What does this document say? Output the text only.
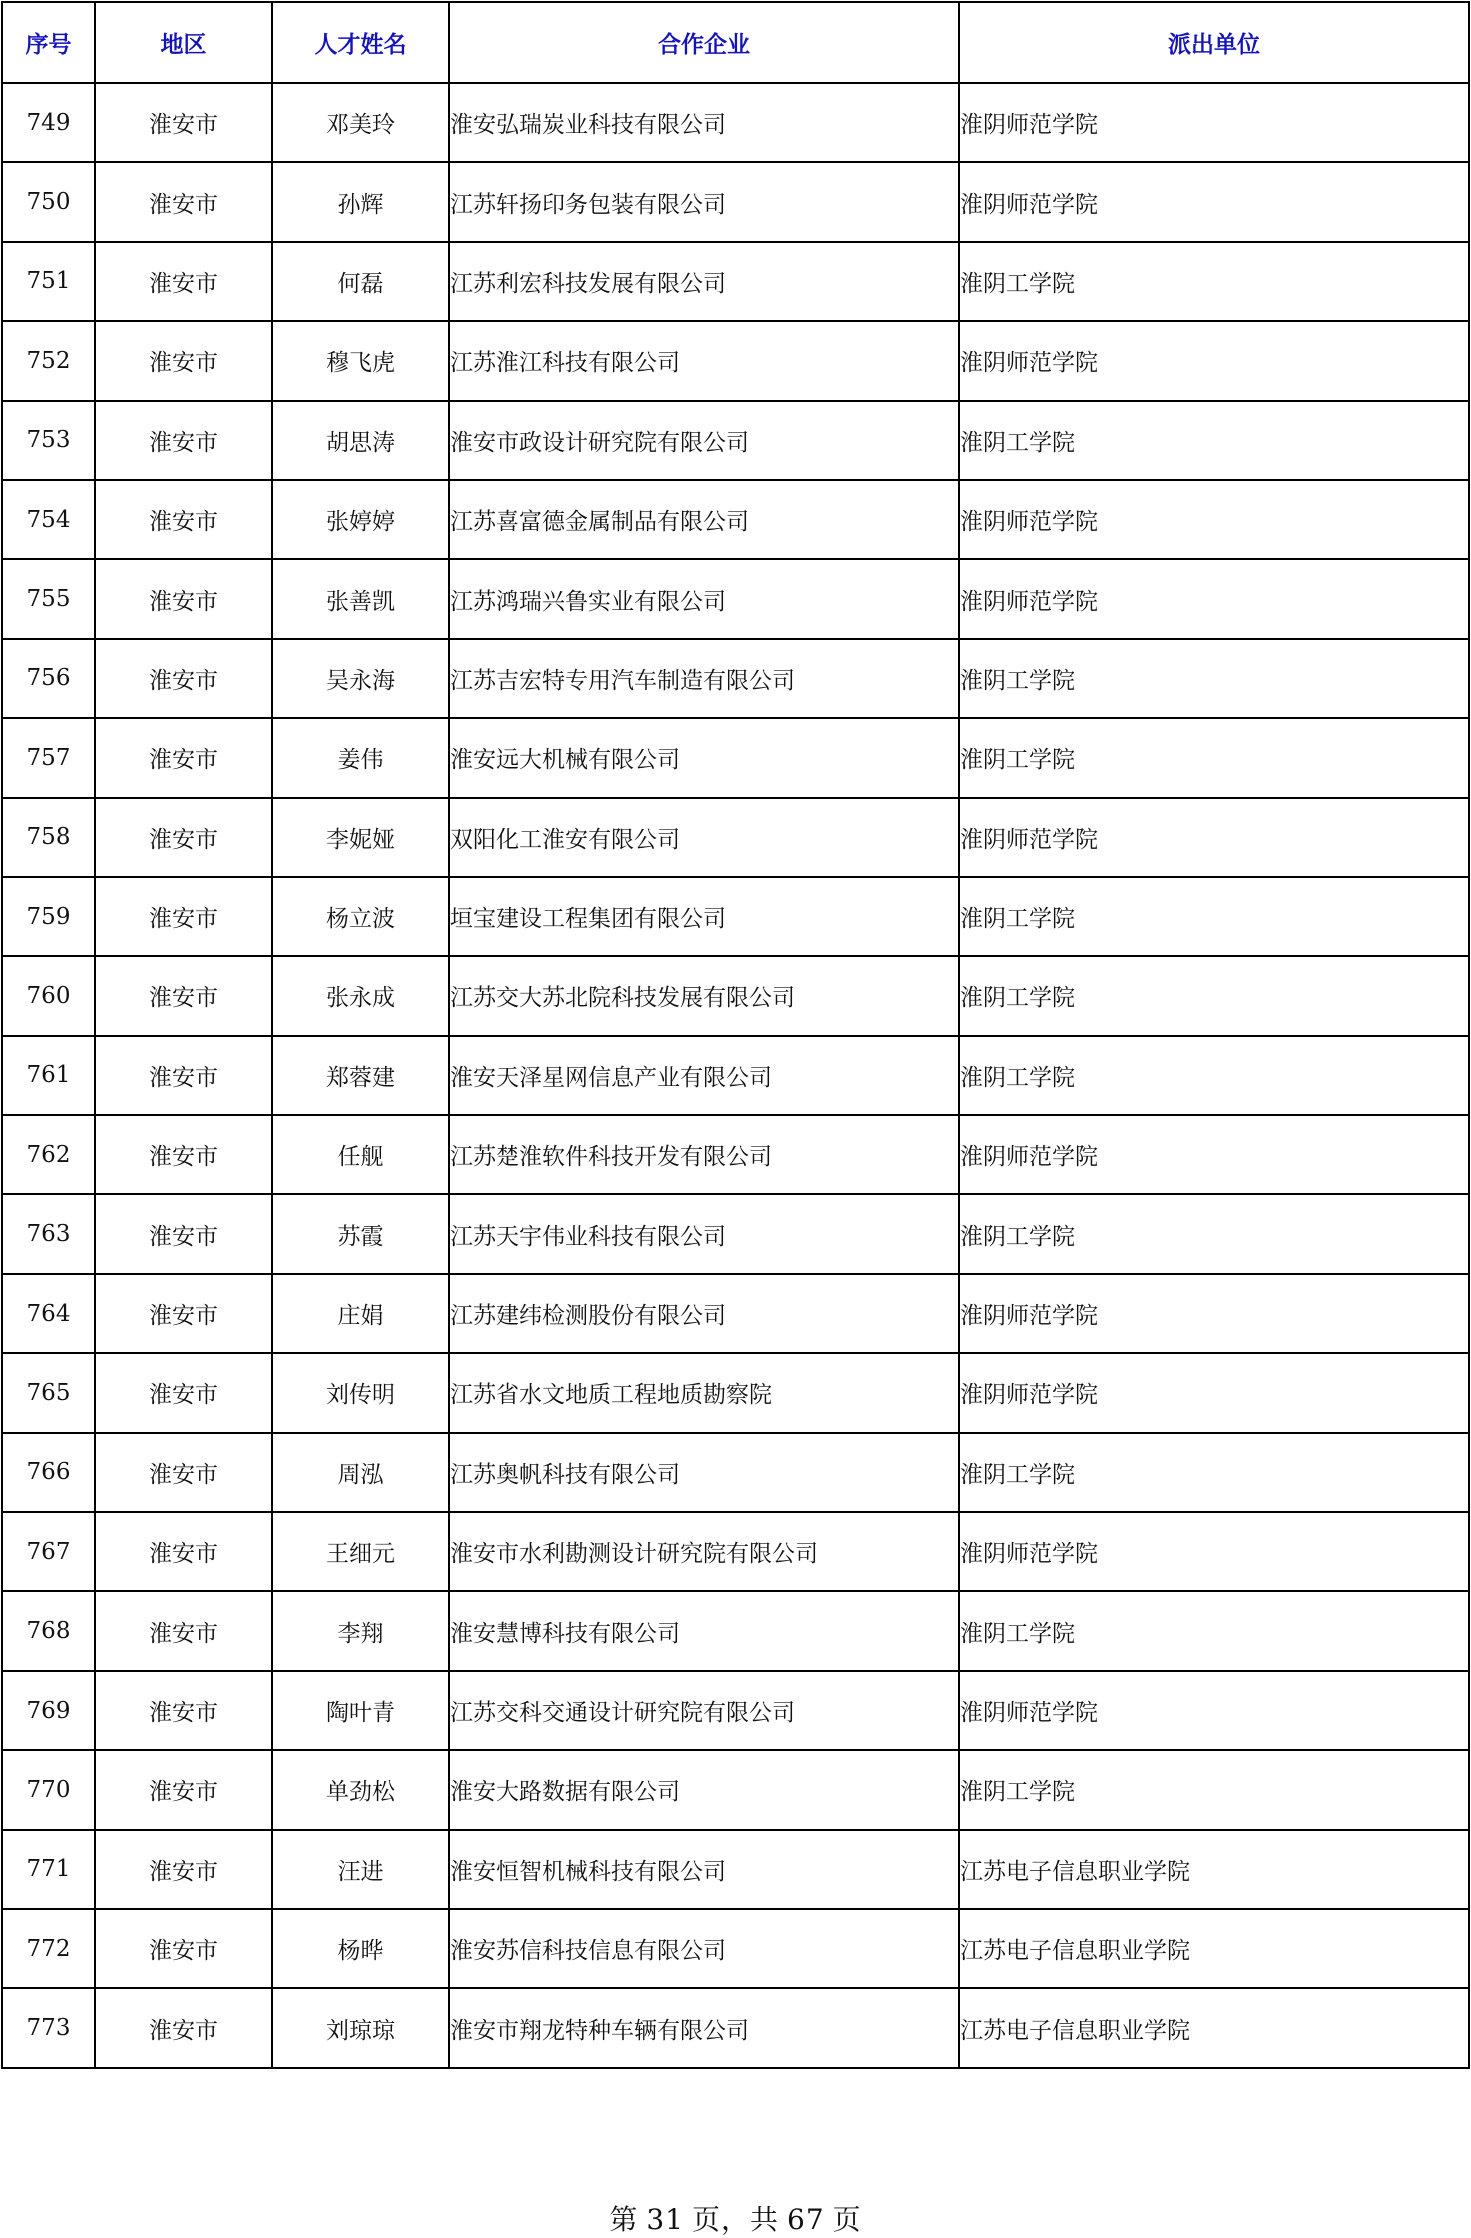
序号	地区	人才姓名	合作企业	派出单位
749	淮安市	邓美玲	淮安弘瑞炭业科技有限公司	淮阴师范学院
750	淮安市	孙辉	江苏轩扬印务包装有限公司	淮阴师范学院
751	淮安市	何磊	江苏利宏科技发展有限公司	淮阴工学院
752	淮安市	穆飞虎	江苏淮江科技有限公司	淮阴师范学院
753	淮安市	胡思涛	淮安市政设计研究院有限公司	淮阴工学院
754	淮安市	张婷婷	江苏喜富德金属制品有限公司	淮阴师范学院
755	淮安市	张善凯	江苏鸿瑞兴鲁实业有限公司	淮阴师范学院
756	淮安市	吴永海	江苏吉宏特专用汽车制造有限公司	淮阴工学院
757	淮安市	姜伟	淮安远大机械有限公司	淮阴工学院
758	淮安市	李妮娅	双阳化工淮安有限公司	淮阴师范学院
759	淮安市	杨立波	垣宝建设工程集团有限公司	淮阴工学院
760	淮安市	张永成	江苏交大苏北院科技发展有限公司	淮阴工学院
761	淮安市	郑蓉建	淮安天泽星网信息产业有限公司	淮阴工学院
762	淮安市	任舰	江苏楚淮软件科技开发有限公司	淮阴师范学院
763	淮安市	苏霞	江苏天宇伟业科技有限公司	淮阴工学院
764	淮安市	庄娟	江苏建纬检测股份有限公司	淮阴师范学院
765	淮安市	刘传明	江苏省水文地质工程地质勘察院	淮阴师范学院
766	淮安市	周泓	江苏奥帆科技有限公司	淮阴工学院
767	淮安市	王细元	淮安市水利勘测设计研究院有限公司	淮阴师范学院
768	淮安市	李翔	淮安慧博科技有限公司	淮阴工学院
769	淮安市	陶叶青	江苏交科交通设计研究院有限公司	淮阴师范学院
770	淮安市	单劲松	淮安大路数据有限公司	淮阴工学院
771	淮安市	汪进	淮安恒智机械科技有限公司	江苏电子信息职业学院
772	淮安市	杨晔	淮安苏信科技信息有限公司	江苏电子信息职业学院
773	淮安市	刘琼琼	淮安市翔龙特种车辆有限公司	江苏电子信息职业学院
第 31 页，共 67 页
